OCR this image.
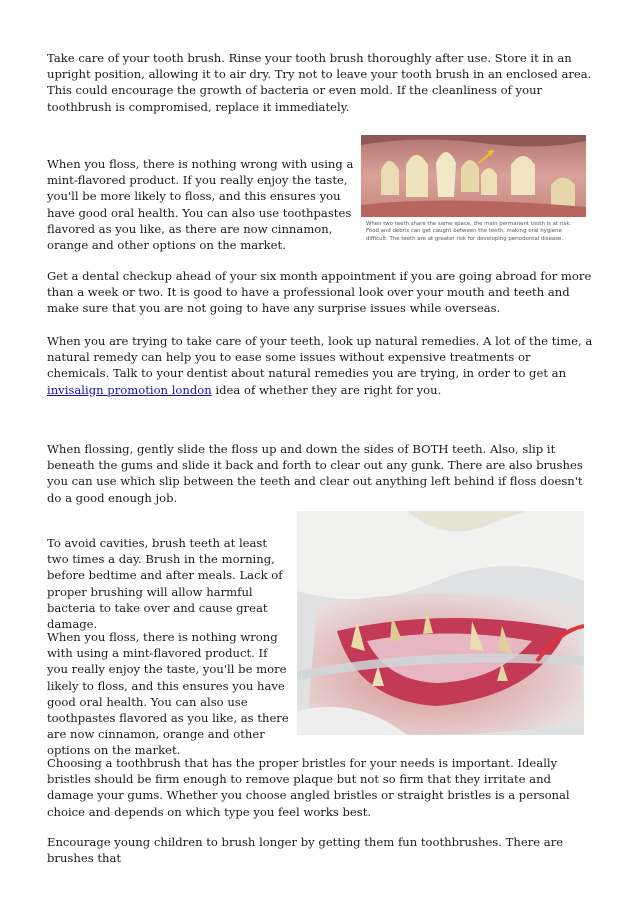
Take care of your tooth brush. Rinse your tooth brush thoroughly after use. Store it in an upright position, allowing it to air dry. Try not to leave your tooth brush in an enclosed area. This could encourage the growth of bacteria or even mold. If the cleanliness of your toothbrush is compromised, replace it immediately.

When you floss, there is nothing wrong with using a mint-flavored product. If you really enjoy the taste, you'll be more likely to floss, and this ensures you have good oral health. You can also use toothpastes flavored as you like, as there are now cinnamon, orange and other options on the market.

When two teeth share the same space, the main permanent tooth is at risk. Food and debris can get caught between the teeth, making oral hygiene difficult. The teeth are at greater risk for developing periodontal disease.

Get a dental checkup ahead of your six month appointment if you are going abroad for more than a week or two. It is good to have a professional look over your mouth and teeth and make sure that you are not going to have any surprise issues while overseas.

When you are trying to take care of your teeth, look up natural remedies. A lot of the time, a natural remedy can help you to ease some issues without expensive treatments or chemicals. Talk to your dentist about natural remedies you are trying, in order to get an invisalign promotion london idea of whether they are right for you.

When flossing, gently slide the floss up and down the sides of BOTH teeth. Also, slip it beneath the gums and slide it back and forth to clear out any gunk. There are also brushes you can use which slip between the teeth and clear out anything left behind if floss doesn't do a good enough job.

To avoid cavities, brush teeth at least two times a day. Brush in the morning, before bedtime and after meals. Lack of proper brushing will allow harmful bacteria to take over and cause great damage.

When you floss, there is nothing wrong with using a mint-flavored product. If you really enjoy the taste, you'll be more likely to floss, and this ensures you have good oral health. You can also use toothpastes flavored as you like, as there are now cinnamon, orange and other options on the market.

Choosing a toothbrush that has the proper bristles for your needs is important. Ideally bristles should be firm enough to remove plaque but not so firm that they irritate and damage your gums. Whether you choose angled bristles or straight bristles is a personal choice and depends on which type you feel works best.

Encourage young children to brush longer by getting them fun toothbrushes. There are brushes that
